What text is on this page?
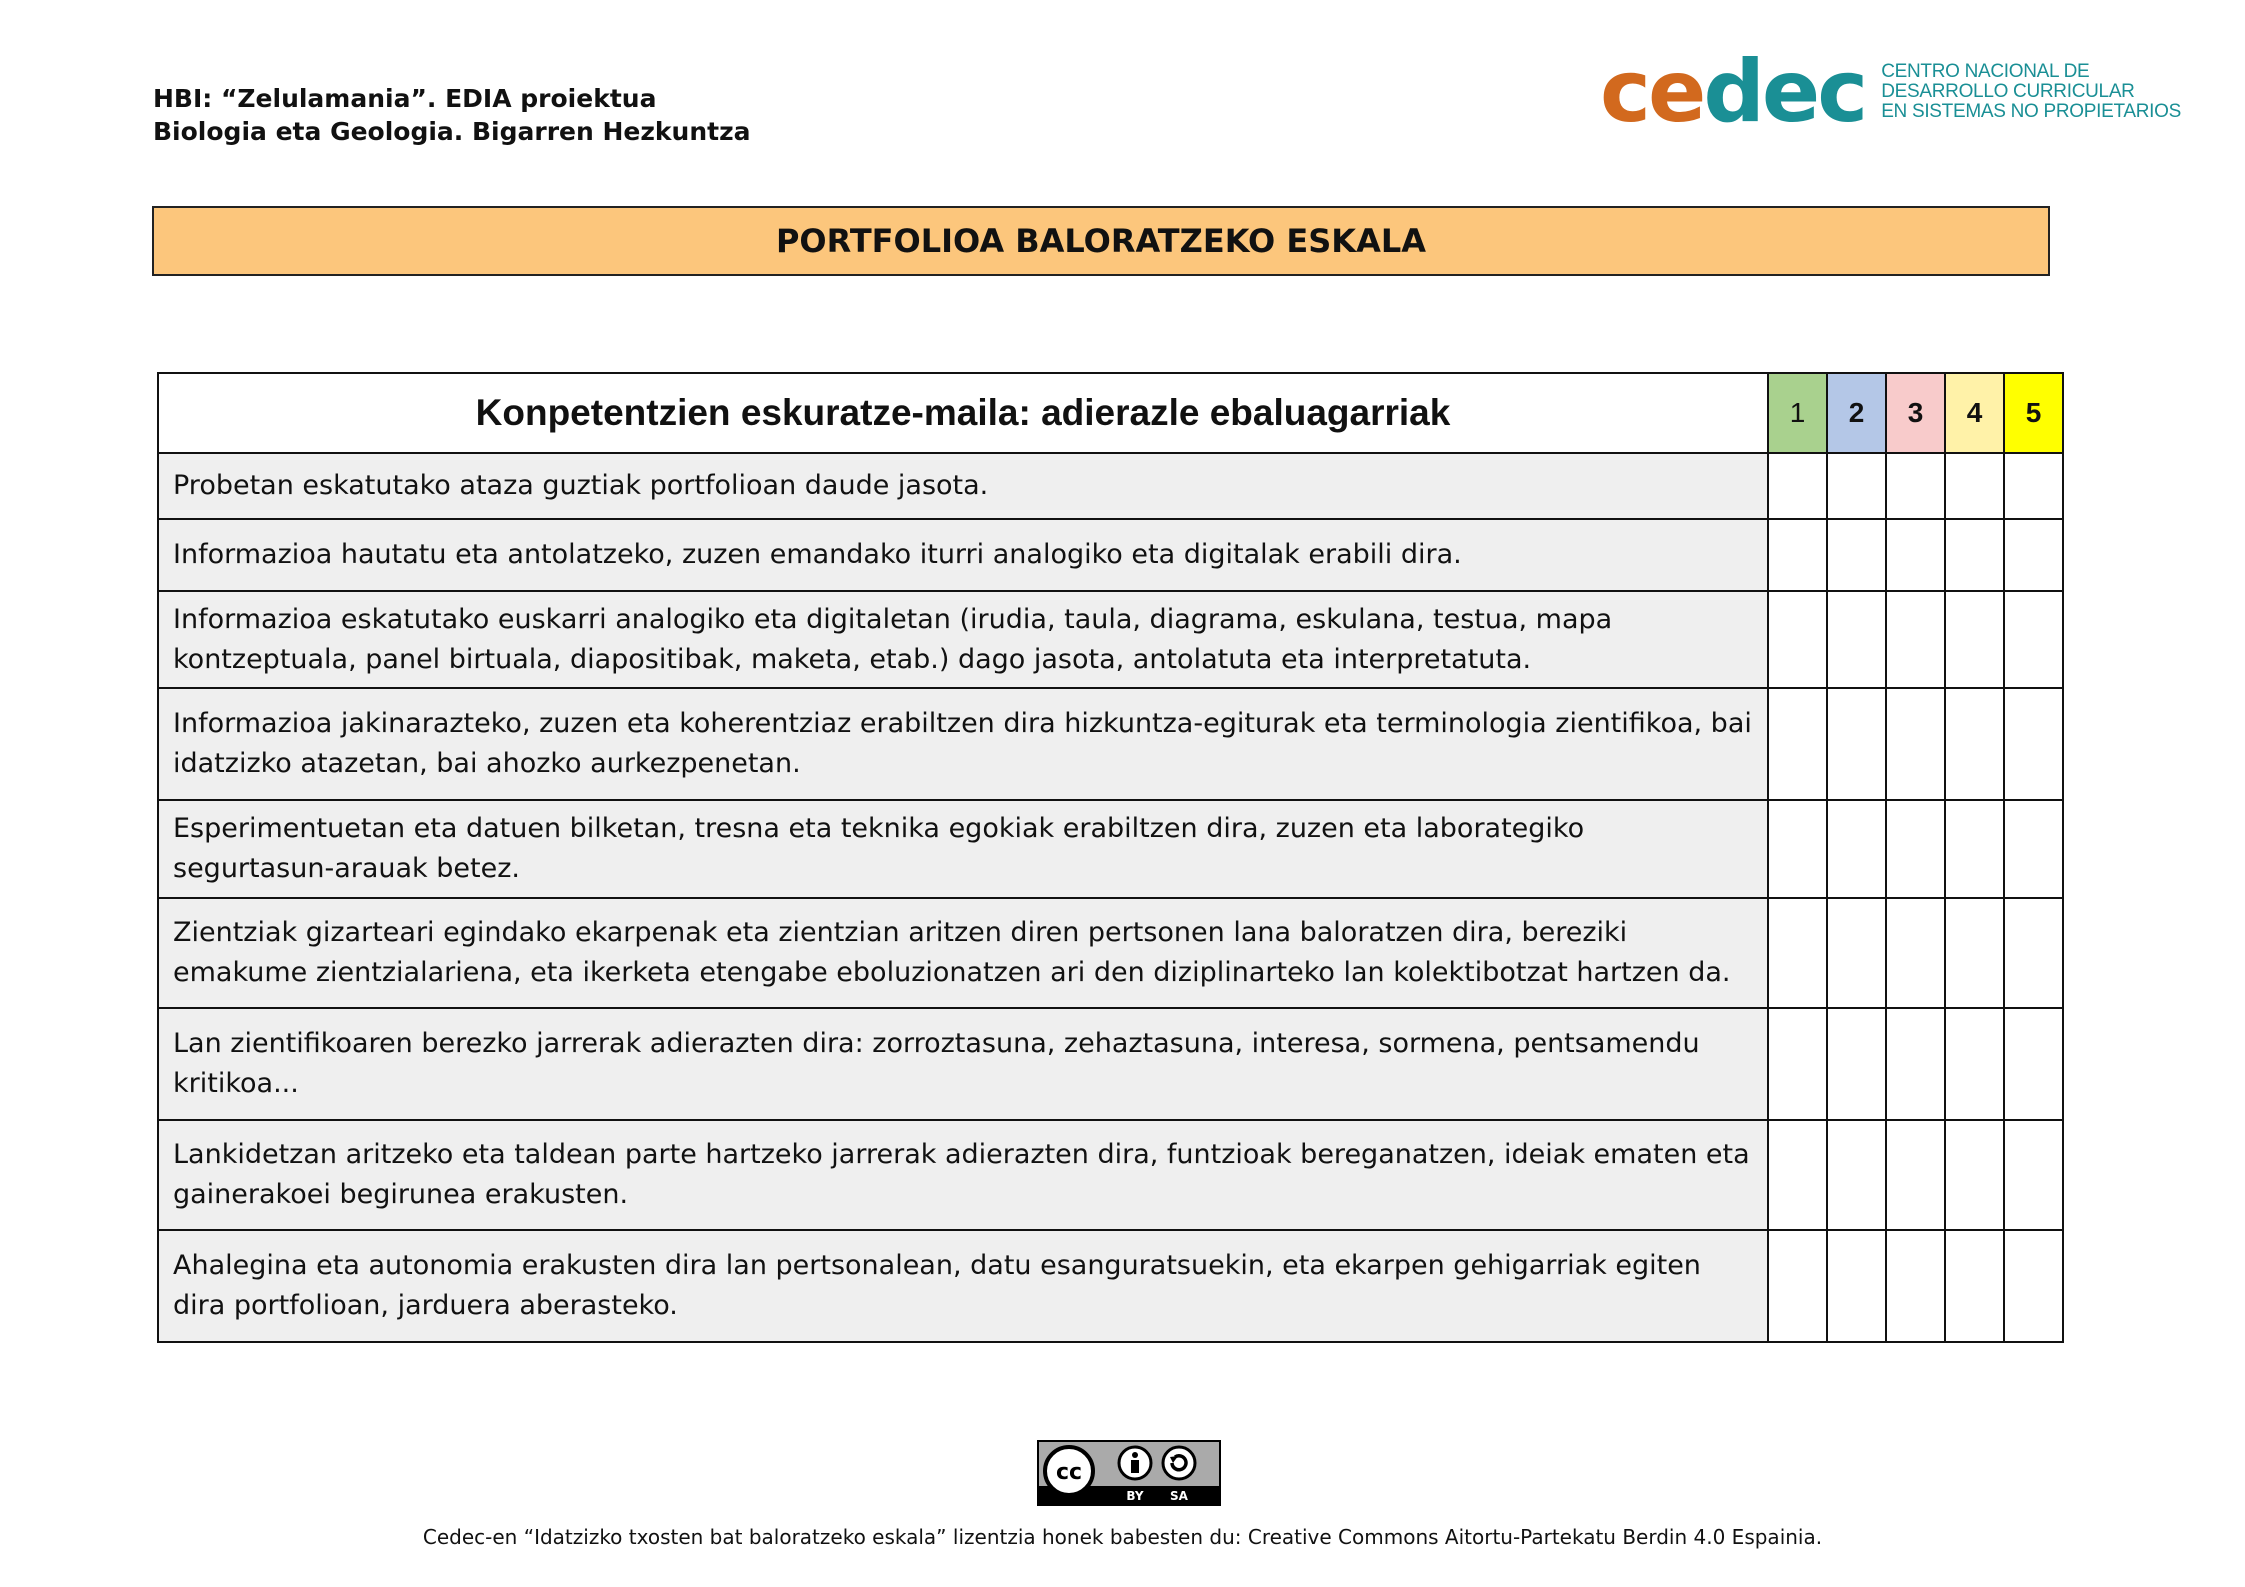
HBI: “Zelulamania”. EDIA proiektua
Biologia eta Geologia. Bigarren Hezkuntza	cedec CENTRO NACIONAL DE
DESARROLLO CURRICULAR
EN SISTEMAS NO PROPIETARIOS
PORTFOLIOA BALORATZEKO ESKALA
Konpetentzien eskuratze-maila: adierazle ebaluagarriak	1	2	3	4	5
Probetan eskatutako ataza guztiak portfolioan daude jasota.					
Informazioa hautatu eta antolatzeko, zuzen emandako iturri analogiko eta digitalak erabili dira.					
Informazioa eskatutako euskarri analogiko eta digitaletan (irudia, taula, diagrama, eskulana, testua, mapa kontzeptuala, panel birtuala, diapositibak, maketa, etab.) dago jasota, antolatuta eta interpretatuta.					
Informazioa jakinarazteko, zuzen eta koherentziaz erabiltzen dira hizkuntza-egiturak eta terminologia zientifikoa, bai idatzizko atazetan, bai ahozko aurkezpenetan.					
Esperimentuetan eta datuen bilketan, tresna eta teknika egokiak erabiltzen dira, zuzen eta laborategiko segurtasun-arauak betez.					
Zientziak gizarteari egindako ekarpenak eta zientzian aritzen diren pertsonen lana baloratzen dira, bereziki emakume zientzialariena, eta ikerketa etengabe eboluzionatzen ari den diziplinarteko lan kolektibotzat hartzen da.					
Lan zientifikoaren berezko jarrerak adierazten dira: zorroztasuna, zehaztasuna, interesa, sormena, pentsamendu kritikoa...					
Lankidetzan aritzeko eta taldean parte hartzeko jarrerak adierazten dira, funtzioak bereganatzen, ideiak ematen eta gainerakoei begirunea erakusten.					
Ahalegina eta autonomia erakusten dira lan pertsonalean, datu esanguratsuekin, eta ekarpen gehigarriak egiten dira portfolioan, jarduera aberasteko.					
cc
BY SA
Cedec-en “Idatzizko txosten bat baloratzeko eskala” lizentzia honek babesten du: Creative Commons Aitortu-Partekatu Berdin 4.0 Espainia.
